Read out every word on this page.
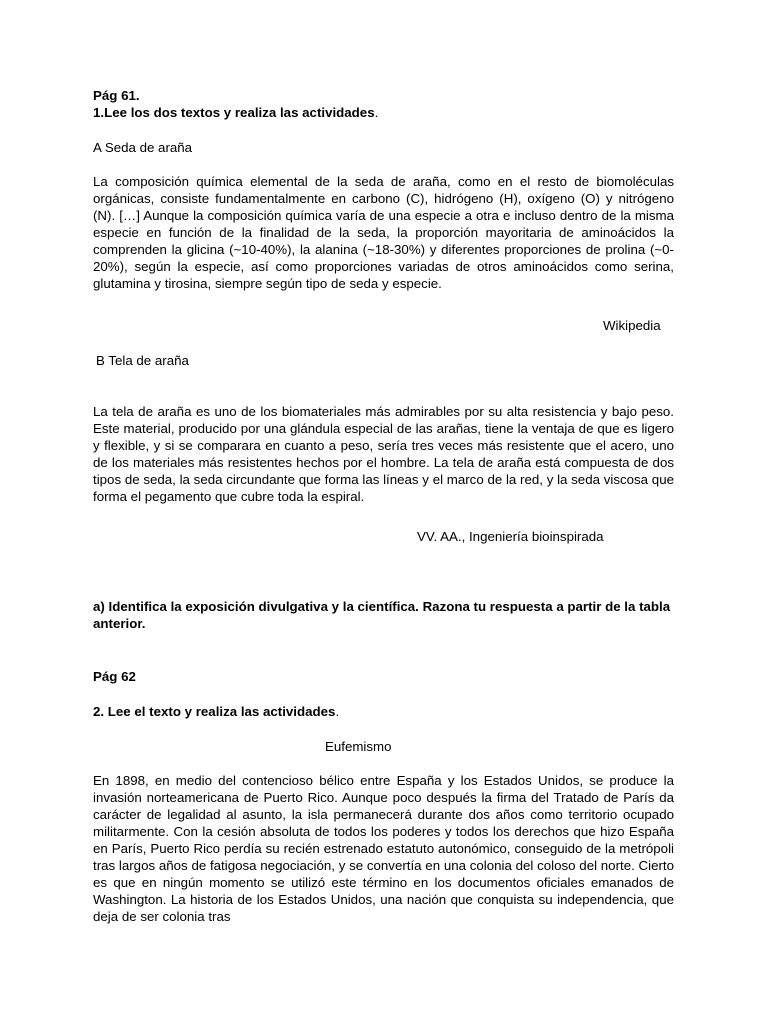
Pág 61.

1.Lee los dos textos y realiza las actividades.

A Seda de araña

La composición química elemental de la seda de araña, como en el resto de biomoléculas orgánicas, consiste fundamentalmente en carbono (C), hidrógeno (H), oxígeno (O) y nitrógeno (N). […] Aunque la composición química varía de una especie a otra e incluso dentro de la misma especie en función de la finalidad de la seda, la proporción mayoritaria de aminoácidos la comprenden la glicina (~10-40%), la alanina (~18-30%) y diferentes proporciones de prolina (~0-20%), según la especie, así como proporciones variadas de otros aminoácidos como serina, glutamina y tirosina, siempre según tipo de seda y especie.

Wikipedia

B Tela de araña

La tela de araña es uno de los biomateriales más admirables por su alta resistencia y bajo peso. Este material, producido por una glándula especial de las arañas, tiene la ventaja de que es ligero y flexible, y si se comparara en cuanto a peso, sería tres veces más resistente que el acero, uno de los materiales más resistentes hechos por el hombre. La tela de araña está compuesta de dos tipos de seda, la seda circundante que forma las líneas y el marco de la red, y la seda viscosa que forma el pegamento que cubre toda la espiral.

VV. AA., Ingeniería bioinspirada

a) Identifica la exposición divulgativa y la científica. Razona tu respuesta a partir de la tabla anterior.

Pág 62

2. Lee el texto y realiza las actividades.

Eufemismo

En 1898, en medio del contencioso bélico entre España y los Estados Unidos, se produce la invasión norteamericana de Puerto Rico. Aunque poco después la firma del Tratado de París da carácter de legalidad al asunto, la isla permanecerá durante dos años como territorio ocupado militarmente. Con la cesión absoluta de todos los poderes y todos los derechos que hizo España en París, Puerto Rico perdía su recién estrenado estatuto autonómico, conseguido de la metrópoli tras largos años de fatigosa negociación, y se convertía en una colonia del coloso del norte. Cierto es que en ningún momento se utilizó este término en los documentos oficiales emanados de Washington. La historia de los Estados Unidos, una nación que conquista su independencia, que deja de ser colonia tras
